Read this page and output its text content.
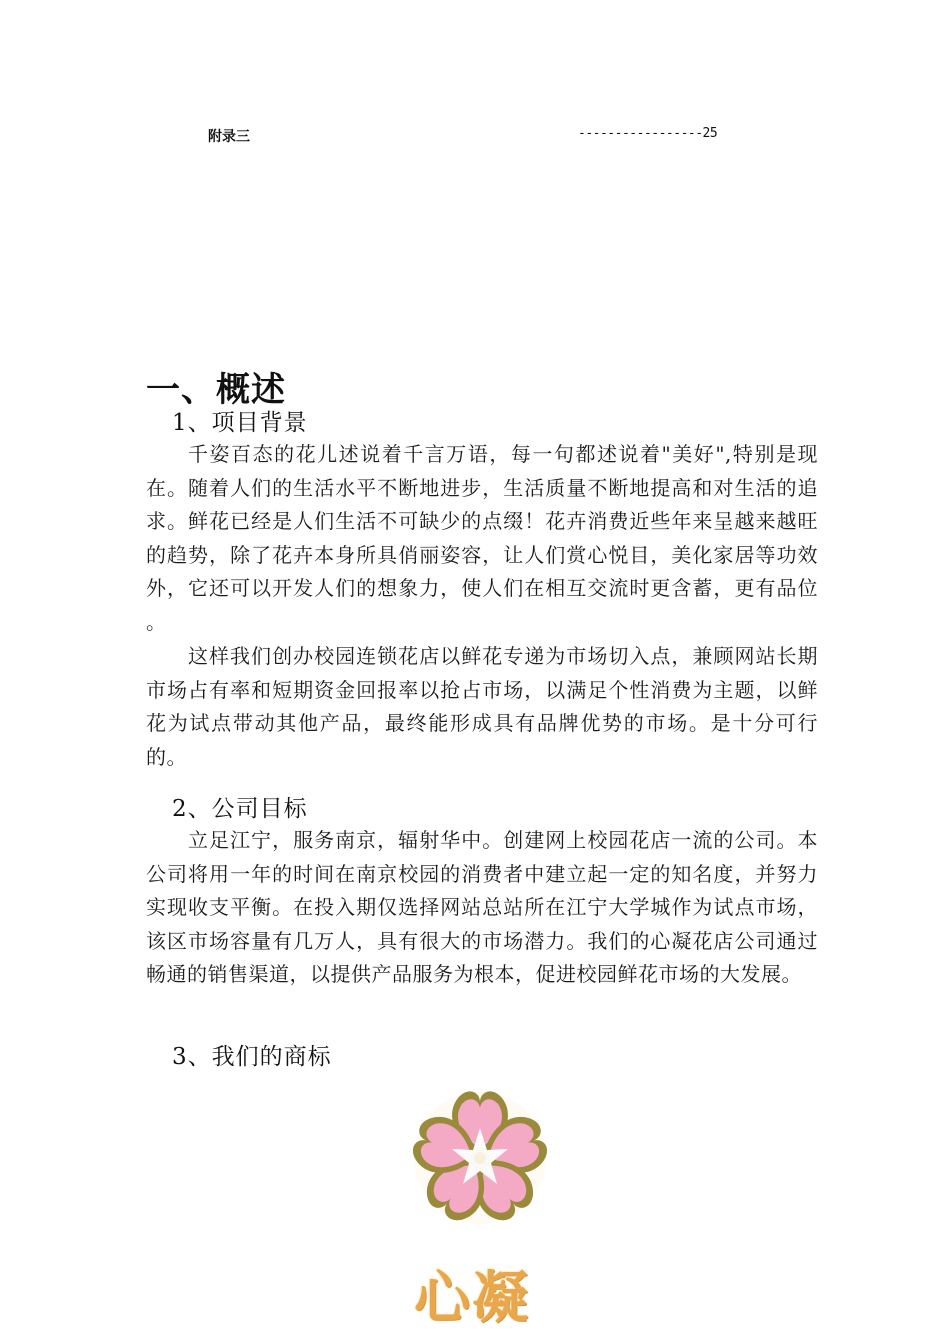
附录三	-----------------25
一、概述
1、项目背景

千姿百态的花儿述说着千言万语，每一句都述说着"美好",特别是现在。随着人们的生活水平不断地进步，生活质量不断地提高和对生活的追求。鲜花已经是人们生活不可缺少的点缀！花卉消费近些年来呈越来越旺的趋势，除了花卉本身所具俏丽姿容，让人们赏心悦目，美化家居等功效外，它还可以开发人们的想象力，使人们在相互交流时更含蓄，更有品位 。

这样我们创办校园连锁花店以鲜花专递为市场切入点，兼顾网站长期市场占有率和短期资金回报率以抢占市场，以满足个性消费为主题，以鲜花为试点带动其他产品，最终能形成具有品牌优势的市场。是十分可行的。

2、公司目标

立足江宁，服务南京，辐射华中。创建网上校园花店一流的公司。本公司将用一年的时间在南京校园的消费者中建立起一定的知名度，并努力实现收支平衡。在投入期仅选择网站总站所在江宁大学城作为试点市场，该区市场容量有几万人，具有很大的市场潜力。我们的心凝花店公司通过畅通的销售渠道，以提供产品服务为根本，促进校园鲜花市场的大发展。

3、我们的商标
心凝
